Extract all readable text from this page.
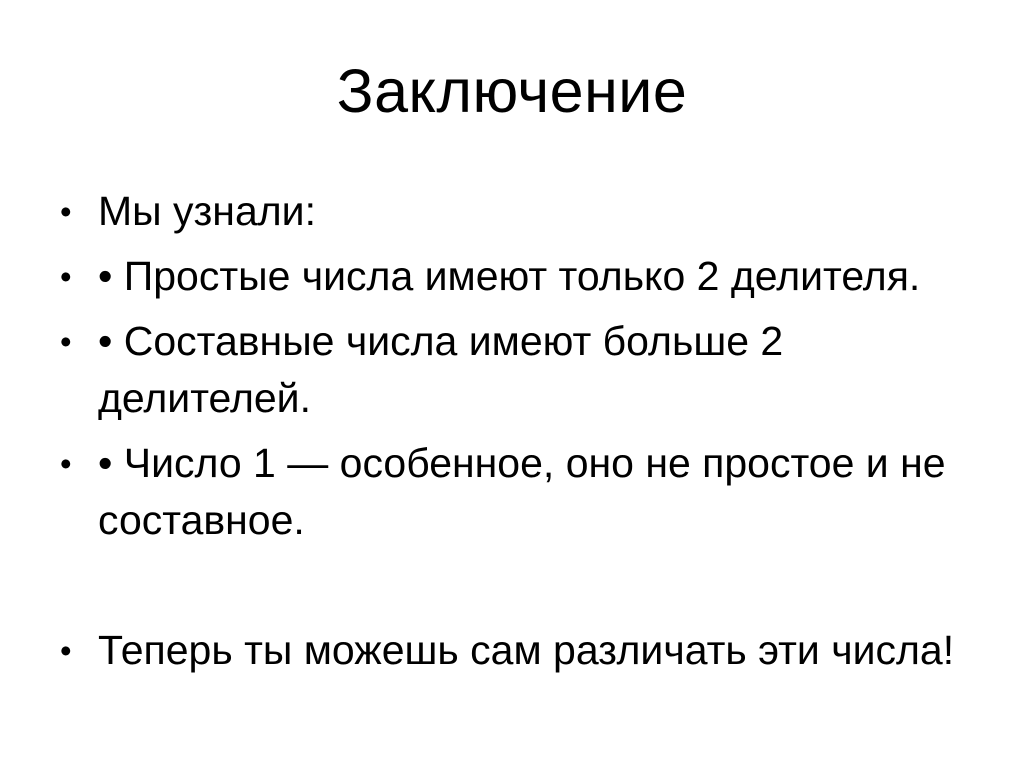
Заключение
• Мы узнали:
• • Простые числа имеют только 2 делителя.
• • Составные числа имеют больше 2
делителей.
• • Число 1 — особенное, оно не простое и не
составное.
• Теперь ты можешь сам различать эти числа!
